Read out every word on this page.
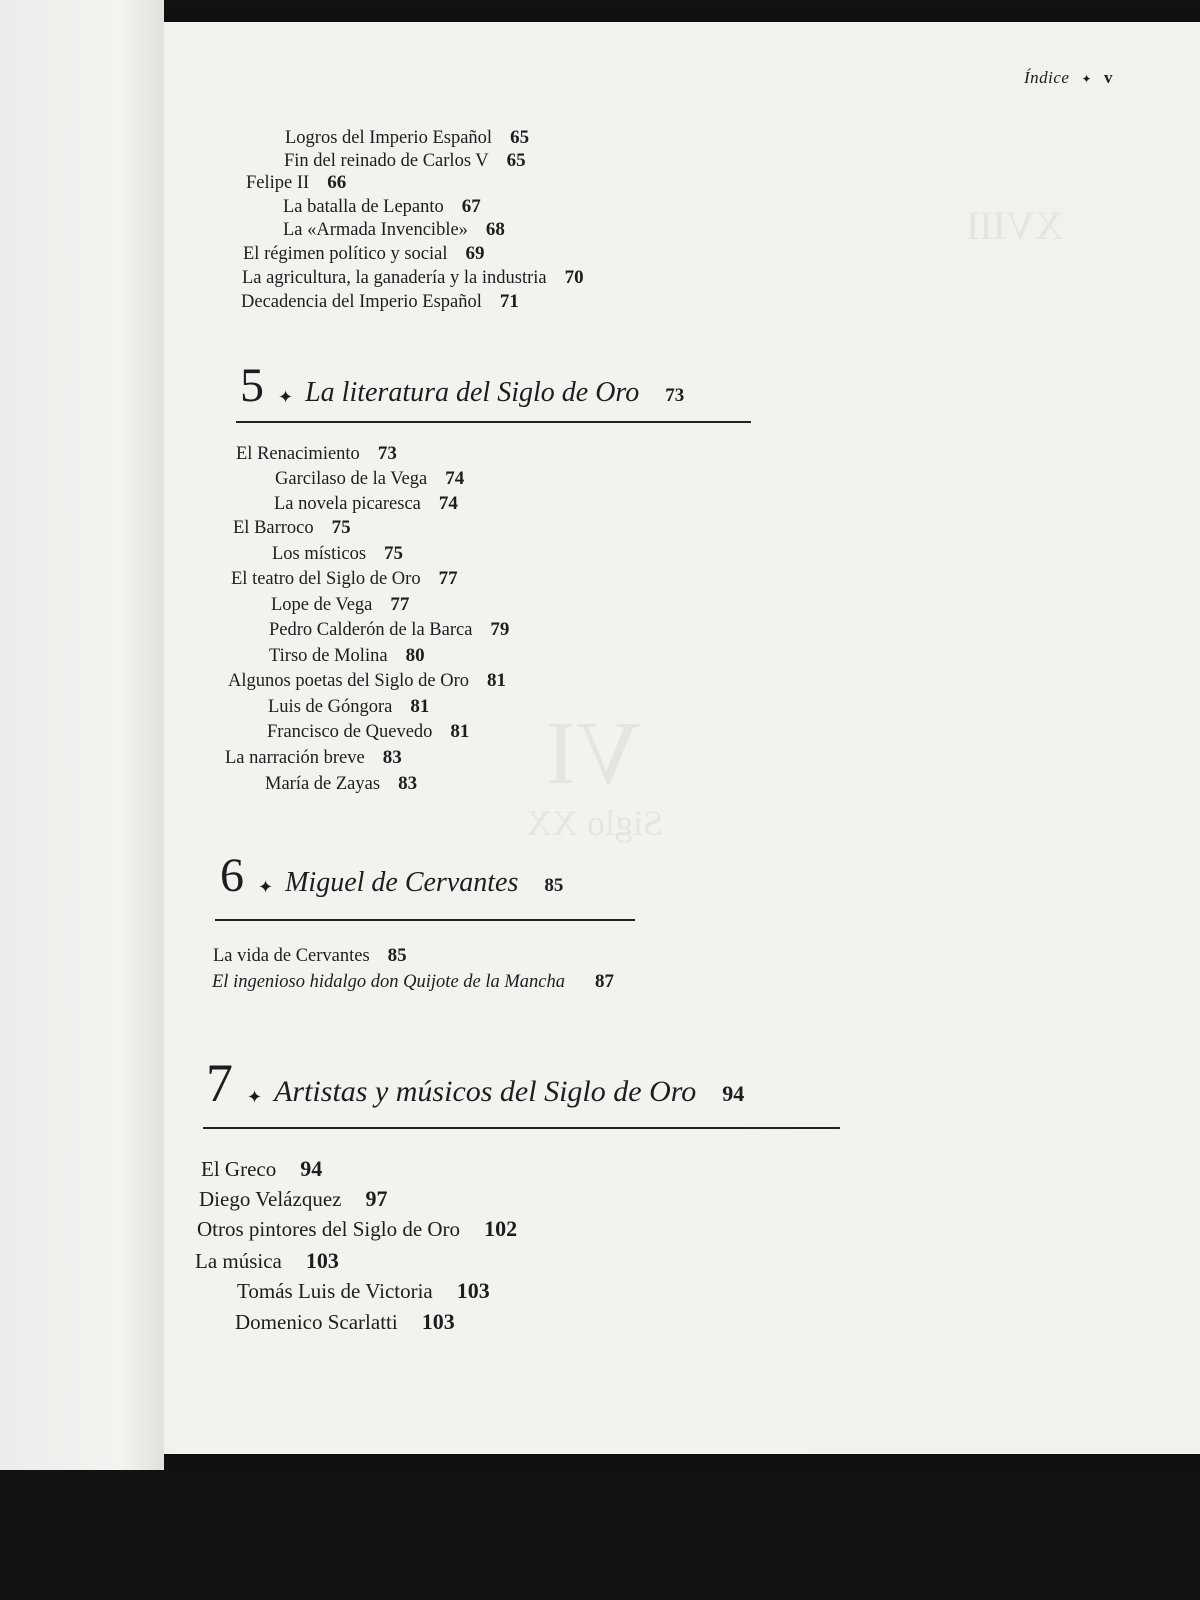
XVIII
VI
Siglo XX
Índice ✦ v
Logros del Imperio Español 65
Fin del reinado de Carlos V 65
Felipe II 66
La batalla de Lepanto 67
La «Armada Invencible» 68
El régimen político y social 69
La agricultura, la ganadería y la industria 70
Decadencia del Imperio Español 71
5 ✦ La literatura del Siglo de Oro 73
El Renacimiento 73
Garcilaso de la Vega 74
La novela picaresca 74
El Barroco 75
Los místicos 75
El teatro del Siglo de Oro 77
Lope de Vega 77
Pedro Calderón de la Barca 79
Tirso de Molina 80
Algunos poetas del Siglo de Oro 81
Luis de Góngora 81
Francisco de Quevedo 81
La narración breve 83
María de Zayas 83
6 ✦ Miguel de Cervantes 85
La vida de Cervantes 85
El ingenioso hidalgo don Quijote de la Mancha 87
7 ✦ Artistas y músicos del Siglo de Oro 94
El Greco 94
Diego Velázquez 97
Otros pintores del Siglo de Oro 102
La música 103
Tomás Luis de Victoria 103
Domenico Scarlatti 103
